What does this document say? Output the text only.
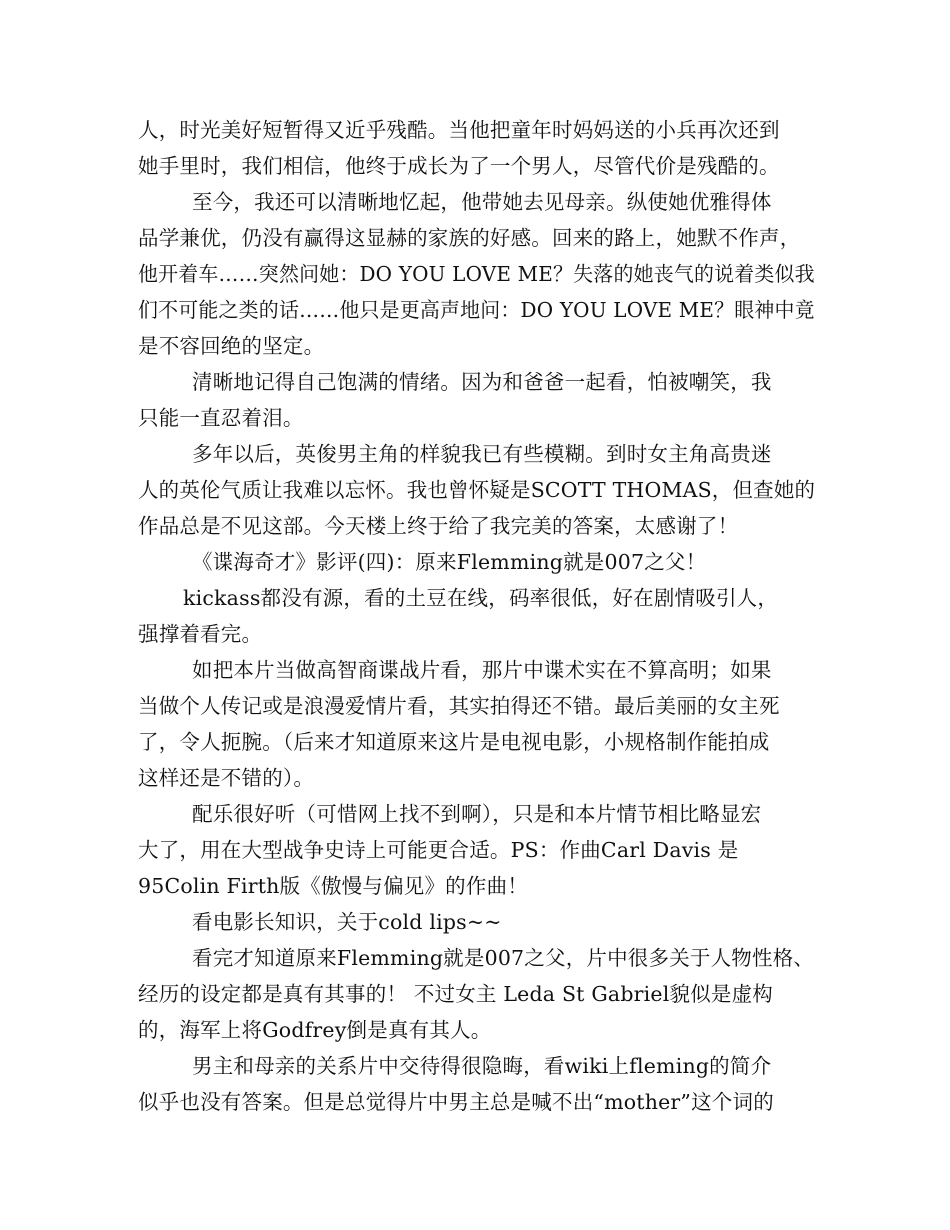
人，时光美好短暂得又近乎残酷。当他把童年时妈妈送的小兵再次还到
她手里时，我们相信，他终于成长为了一个男人，尽管代价是残酷的。
至今，我还可以清晰地忆起，他带她去见母亲。纵使她优雅得体
品学兼优，仍没有赢得这显赫的家族的好感。回来的路上，她默不作声，
他开着车……突然问她：DO YOU LOVE ME？失落的她丧气的说着类似我
们不可能之类的话……他只是更高声地问：DO YOU LOVE ME？眼神中竟
是不容回绝的坚定。
清晰地记得自己饱满的情绪。因为和爸爸一起看，怕被嘲笑，我
只能一直忍着泪。
多年以后，英俊男主角的样貌我已有些模糊。到时女主角高贵迷
人的英伦气质让我难以忘怀。我也曾怀疑是SCOTT THOMAS，但查她的
作品总是不见这部。今天楼上终于给了我完美的答案，太感谢了！
《谍海奇才》影评(四)：原来Flemming就是007之父！
kickass都没有源，看的土豆在线，码率很低，好在剧情吸引人，
强撑着看完。
如把本片当做高智商谍战片看，那片中谍术实在不算高明；如果
当做个人传记或是浪漫爱情片看，其实拍得还不错。最后美丽的女主死
了，令人扼腕。（后来才知道原来这片是电视电影，小规格制作能拍成
这样还是不错的）。
配乐很好听（可惜网上找不到啊），只是和本片情节相比略显宏
大了，用在大型战争史诗上可能更合适。PS：作曲Carl Davis 是
95Colin Firth版《傲慢与偏见》的作曲！
看电影长知识，关于cold lips~~
看完才知道原来Flemming就是007之父，片中很多关于人物性格、
经历的设定都是真有其事的！ 不过女主 Leda St Gabriel貌似是虚构
的，海军上将Godfrey倒是真有其人。
男主和母亲的关系片中交待得很隐晦，看wiki上fleming的简介
似乎也没有答案。但是总觉得片中男主总是喊不出“mother”这个词的
